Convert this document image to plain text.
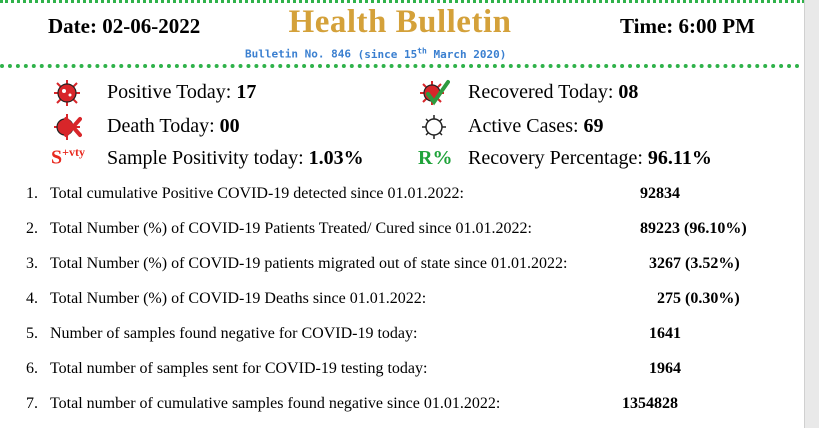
Date: 02-06-2022	Health Bulletin	Time: 6:00 PM
Bulletin No. 846 (since 15th March 2020)
Positive Today: 17	Recovered Today: 08
Death Today: 00	Active Cases: 69
$S^{+vty}$ Sample Positivity today: 1.03%	R% Recovery Percentage: 96.11%
1. Total cumulative Positive COVID-19 detected since 01.01.2022:	92834
2. Total Number (%) of COVID-19 Patients Treated/ Cured since 01.01.2022:	89223 (96.10%)
3. Total Number (%) of COVID-19 patients migrated out of state since 01.01.2022:	3267 (3.52%)
4. Total Number (%) of COVID-19 Deaths since 01.01.2022:	275 (0.30%)
5. Number of samples found negative for COVID-19 today:	1641
6. Total number of samples sent for COVID-19 testing today:	1964
7. Total number of cumulative samples found negative since 01.01.2022:	1354828
